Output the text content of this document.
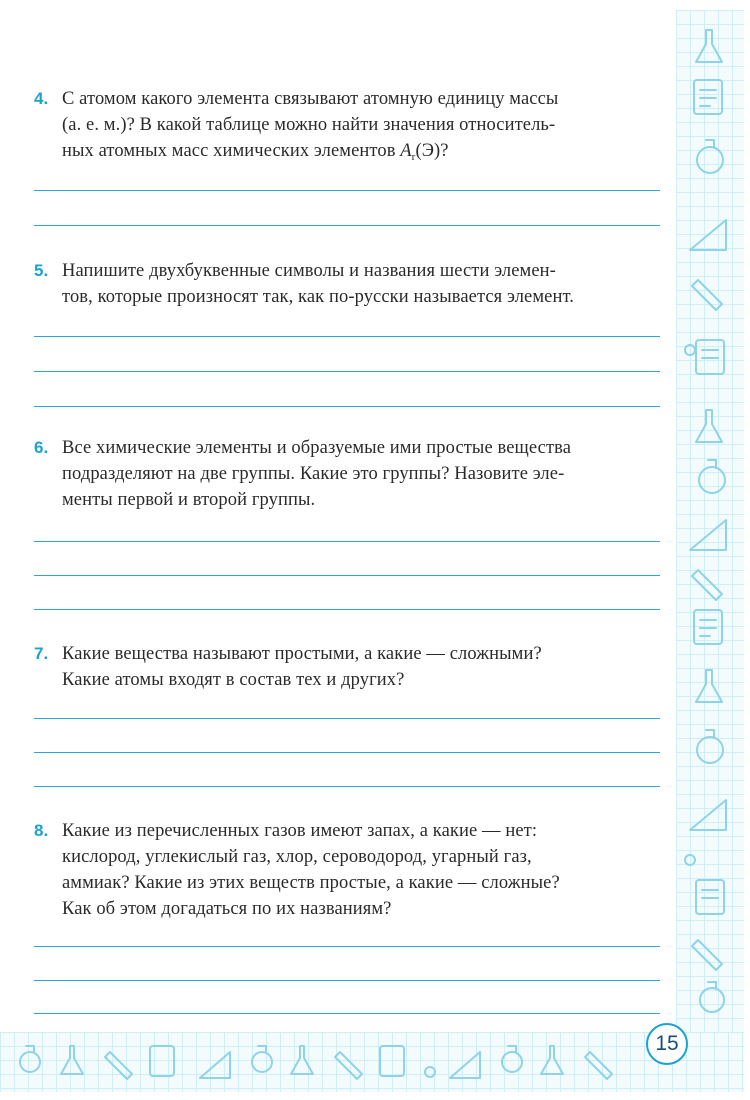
4. С атомом какого элемента связывают атомную единицу массы
(а. е. м.)? В какой таблице можно найти значения относитель-
ных атомных масс химических элементов $A_r(Э)$?
5. Напишите двухбуквенные символы и названия шести элемен-
тов, которые произносят так, как по-русски называется элемент.
6. Все химические элементы и образуемые ими простые вещества
подразделяют на две группы. Какие это группы? Назовите эле-
менты первой и второй группы.
7. Какие вещества называют простыми, а какие — сложными?
Какие атомы входят в состав тех и других?
8. Какие из перечисленных газов имеют запах, а какие — нет:
кислород, углекислый газ, хлор, сероводород, угарный газ,
аммиак? Какие из этих веществ простые, а какие — сложные?
Как об этом догадаться по их названиям?
15
